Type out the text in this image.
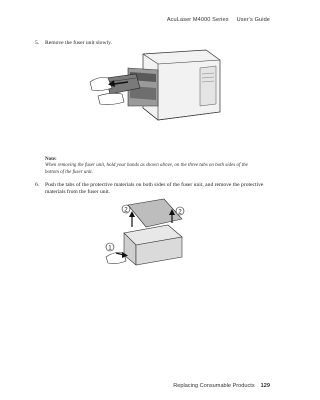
AcuLaser M4000 Series User's Guide
5. Remove the fuser unit slowly.
Note:
When removing the fuser unit, hold your hands as shown above, on the three tabs on both sides of the bottom of the fuser unit.
6. Push the tabs of the protective materials on both sides of the fuser unit, and remove the protective materials from the fuser unit.
2	2
1
Replacing Consumable Products 129
